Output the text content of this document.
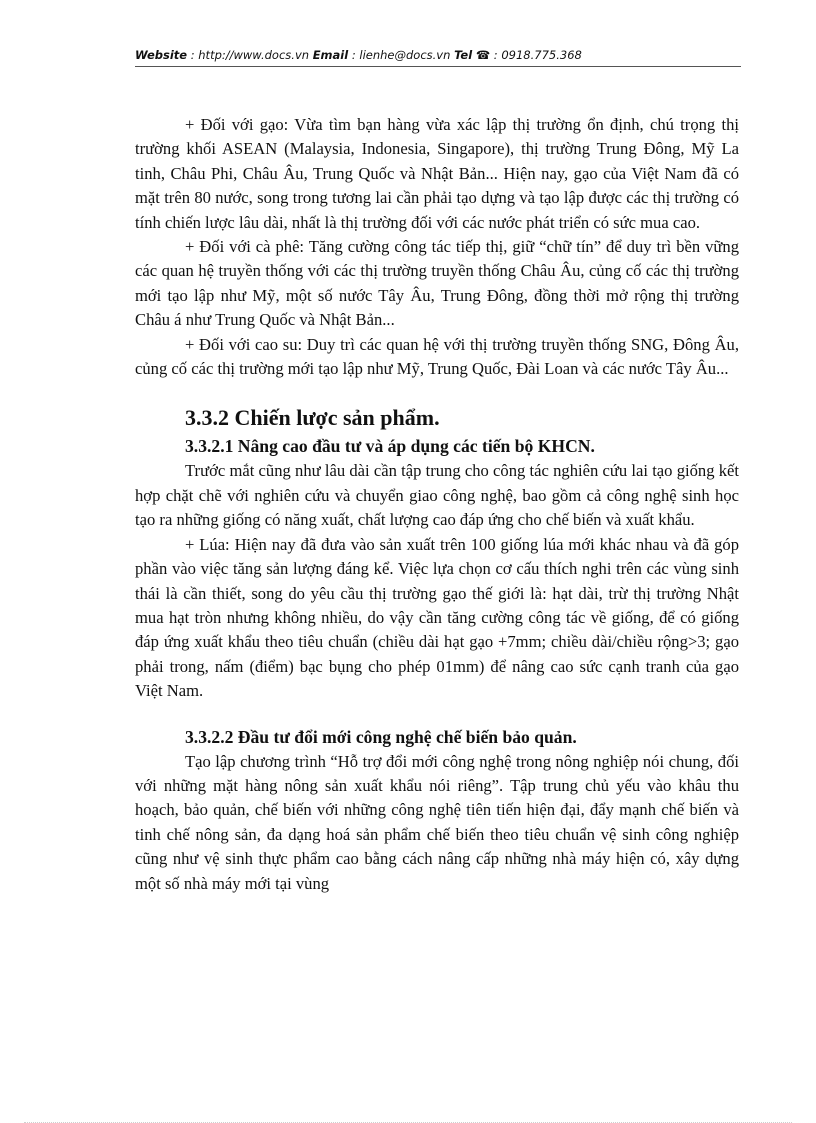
Website : http://www.docs.vn Email : lienhe@docs.vn Tel ☎ : 0918.775.368

+ Đối với gạo: Vừa tìm bạn hàng vừa xác lập thị trường ổn định, chú trọng thị trường khối ASEAN (Malaysia, Indonesia, Singapore), thị trường Trung Đông, Mỹ La tinh, Châu Phi, Châu Âu, Trung Quốc và Nhật Bản... Hiện nay, gạo của Việt Nam đã có mặt trên 80 nước, song trong tương lai cần phải tạo dựng và tạo lập được các thị trường có tính chiến lược lâu dài, nhất là thị trường đối với các nước phát triển có sức mua cao.

+ Đối với cà phê: Tăng cường công tác tiếp thị, giữ “chữ tín” để duy trì bền vững các quan hệ truyền thống với các thị trường truyền thống Châu Âu, củng cố các thị trường mới tạo lập như Mỹ, một số nước Tây Âu, Trung Đông, đồng thời mở rộng thị trường Châu á như Trung Quốc và Nhật Bản...

+ Đối với cao su: Duy trì các quan hệ với thị trường truyền thống SNG, Đông Âu, củng cố các thị trường mới tạo lập như Mỹ, Trung Quốc, Đài Loan và các nước Tây Âu...

3.3.2 Chiến lược sản phẩm.
3.3.2.1 Nâng cao đầu tư và áp dụng các tiến bộ KHCN.

Trước mắt cũng như lâu dài cần tập trung cho công tác nghiên cứu lai tạo giống kết hợp chặt chẽ với nghiên cứu và chuyển giao công nghệ, bao gồm cả công nghệ sinh học tạo ra những giống có năng xuất, chất lượng cao đáp ứng cho chế biến và xuất khẩu.

+ Lúa: Hiện nay đã đưa vào sản xuất trên 100 giống lúa mới khác nhau và đã góp phần vào việc tăng sản lượng đáng kể. Việc lựa chọn cơ cấu thích nghi trên các vùng sinh thái là cần thiết, song do yêu cầu thị trường gạo thế giới là: hạt dài, trừ thị trường Nhật mua hạt tròn nhưng không nhiều, do vậy cần tăng cường công tác về giống, để có giống đáp ứng xuất khẩu theo tiêu chuẩn (chiều dài hạt gạo +7mm; chiều dài/chiều rộng>3; gạo phải trong, nấm (điểm) bạc bụng cho phép 01mm) để nâng cao sức cạnh tranh của gạo Việt Nam.

3.3.2.2 Đầu tư đổi mới công nghệ chế biến bảo quản.

Tạo lập chương trình “Hỗ trợ đổi mới công nghệ trong nông nghiệp nói chung, đối với những mặt hàng nông sản xuất khẩu nói riêng”. Tập trung chủ yếu vào khâu thu hoạch, bảo quản, chế biến với những công nghệ tiên tiến hiện đại, đẩy mạnh chế biến và tinh chế nông sản, đa dạng hoá sản phẩm chế biến theo tiêu chuẩn vệ sinh công nghiệp cũng như vệ sinh thực phẩm cao bằng cách nâng cấp những nhà máy hiện có, xây dựng một số nhà máy mới tại vùng
